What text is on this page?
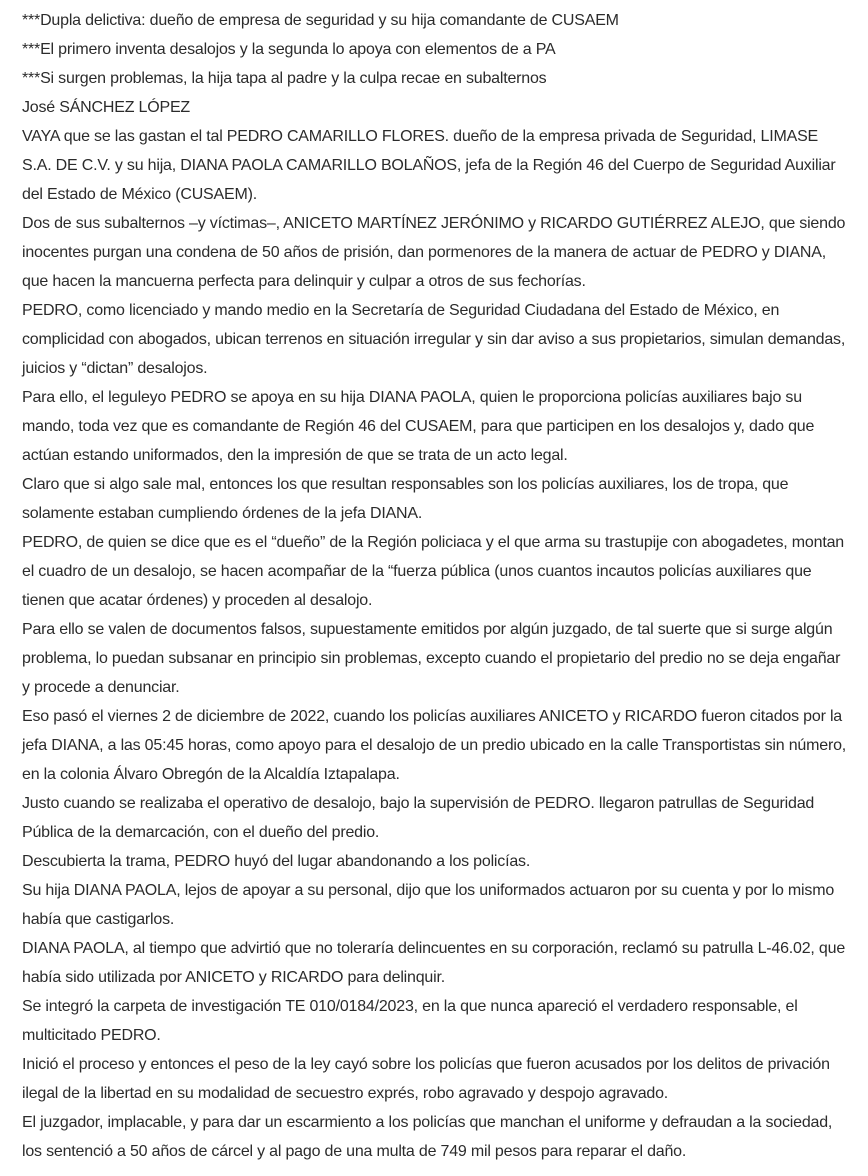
***Dupla delictiva: dueño de empresa de seguridad y su hija comandante de CUSAEM

***El primero inventa desalojos y la segunda lo apoya con elementos de a PA

***Si surgen problemas, la hija tapa al padre y la culpa recae en subalternos

José SÁNCHEZ LÓPEZ

VAYA que se las gastan el tal PEDRO CAMARILLO FLORES. dueño de la empresa privada de Seguridad, LIMASE S.A. DE C.V. y su hija, DIANA PAOLA CAMARILLO BOLAÑOS, jefa de la Región 46 del Cuerpo de Seguridad Auxiliar del Estado de México (CUSAEM).

Dos de sus subalternos –y víctimas–, ANICETO MARTÍNEZ JERÓNIMO y RICARDO GUTIÉRREZ ALEJO, que siendo inocentes purgan una condena de 50 años de prisión, dan pormenores de la manera de actuar de PEDRO y DIANA, que hacen la mancuerna perfecta para delinquir y culpar a otros de sus fechorías.

PEDRO, como licenciado y mando medio en la Secretaría de Seguridad Ciudadana del Estado de México, en complicidad con abogados, ubican terrenos en situación irregular y sin dar aviso a sus propietarios, simulan demandas, juicios y “dictan” desalojos.

Para ello, el leguleyo PEDRO se apoya en su hija DIANA PAOLA, quien le proporciona policías auxiliares bajo su mando, toda vez que es comandante de Región 46 del CUSAEM, para que participen en los desalojos y, dado que actúan estando uniformados, den la impresión de que se trata de un acto legal.

Claro que si algo sale mal, entonces los que resultan responsables son los policías auxiliares, los de tropa, que solamente estaban cumpliendo órdenes de la jefa DIANA.

PEDRO, de quien se dice que es el “dueño” de la Región policiaca y el que arma su trastupije con abogadetes, montan el cuadro de un desalojo, se hacen acompañar de la “fuerza pública (unos cuantos incautos policías auxiliares que tienen que acatar órdenes) y proceden al desalojo.

Para ello se valen de documentos falsos, supuestamente emitidos por algún juzgado, de tal suerte que si surge algún problema, lo puedan subsanar en principio sin problemas, excepto cuando el propietario del predio no se deja engañar y procede a denunciar.

Eso pasó el viernes 2 de diciembre de 2022, cuando los policías auxiliares ANICETO y RICARDO fueron citados por la jefa DIANA, a las 05:45 horas, como apoyo para el desalojo de un predio ubicado en la calle Transportistas sin número, en la colonia Álvaro Obregón de la Alcaldía Iztapalapa.

Justo cuando se realizaba el operativo de desalojo, bajo la supervisión de PEDRO. llegaron patrullas de Seguridad Pública de la demarcación, con el dueño del predio.

Descubierta la trama, PEDRO huyó del lugar abandonando a los policías.

Su hija DIANA PAOLA, lejos de apoyar a su personal, dijo que los uniformados actuaron por su cuenta y por lo mismo había que castigarlos.

DIANA PAOLA, al tiempo que advirtió que no toleraría delincuentes en su corporación, reclamó su patrulla L-46.02, que había sido utilizada por ANICETO y RICARDO para delinquir.

Se integró la carpeta de investigación TE 010/0184/2023, en la que nunca apareció el verdadero responsable, el multicitado PEDRO.

Inició el proceso y entonces el peso de la ley cayó sobre los policías que fueron acusados por los delitos de privación ilegal de la libertad en su modalidad de secuestro exprés, robo agravado y despojo agravado.

El juzgador, implacable, y para dar un escarmiento a los policías que manchan el uniforme y defraudan a la sociedad, los sentenció a 50 años de cárcel y al pago de una multa de 749 mil pesos para reparar el daño.
